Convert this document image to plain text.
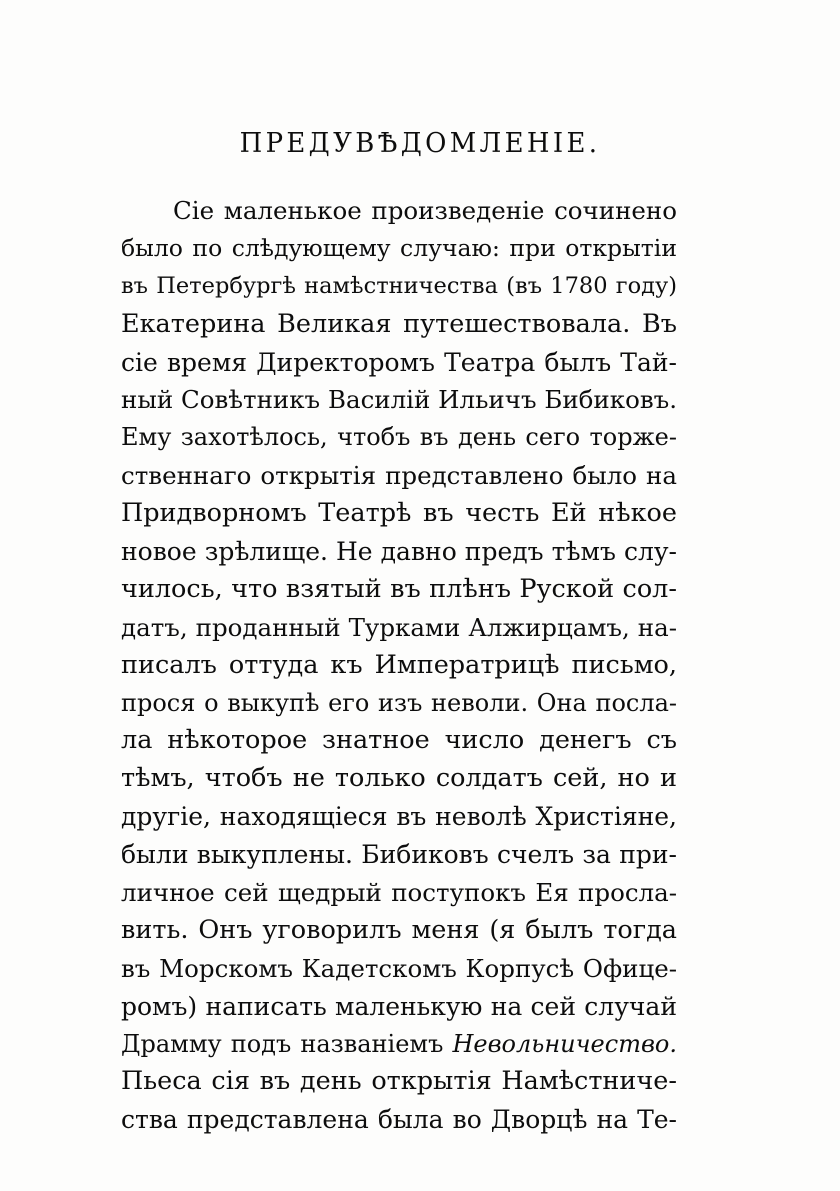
ПРЕДУВѢДОМЛЕНІЕ.
Сіе маленькое произведеніе сочинено
было по слѣдующему случаю: при открытіи
въ Петербургѣ намѣстничества (въ 1780 году)
Екатерина Великая путешествовала. Въ
сіе время Директоромъ Театра былъ Тай-
ный Совѣтникъ Василій Ильичъ Бибиковъ.
Ему захотѣлось, чтобъ въ день сего торже-
ственнаго открытія представлено было на
Придворномъ Театрѣ въ честь Ей нѣкое
новое зрѣлище. Не давно предъ тѣмъ слу-
чилось, что взятый въ плѣнъ Руской сол-
датъ, проданный Турками Алжирцамъ, на-
писалъ оттуда къ Императрицѣ письмо,
прося о выкупѣ его изъ неволи. Она посла-
ла нѣкоторое знатное число денегъ съ
тѣмъ, чтобъ не только солдатъ сей, но и
другіе, находящіеся въ неволѣ Христіяне,
были выкуплены. Бибиковъ счелъ за при-
личное сей щедрый поступокъ Ея просла-
вить. Онъ уговорилъ меня (я былъ тогда
въ Морскомъ Кадетскомъ Корпусѣ Офице-
ромъ) написать маленькую на сей случай
Драмму подъ названіемъ Невольничество.
Пьеса сія въ день открытія Намѣстниче-
ства представлена была во Дворцѣ на Те-
